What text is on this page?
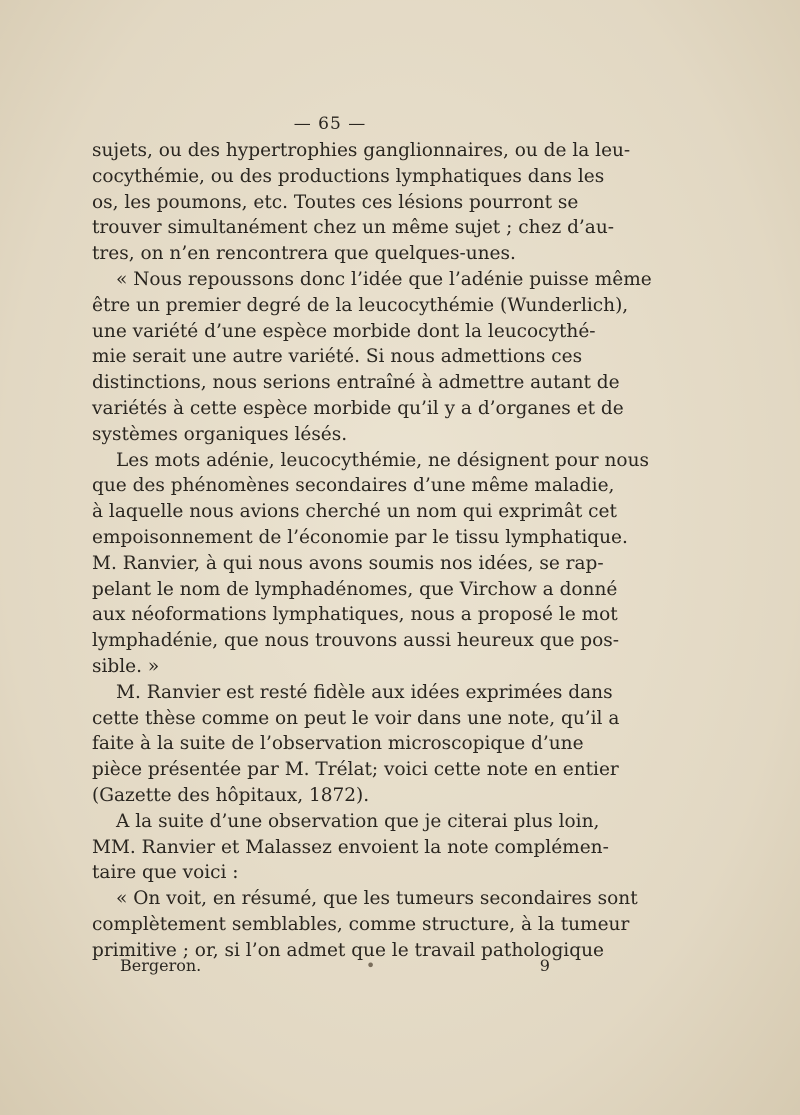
— 65 —
sujets, ou des hypertrophies ganglionnaires, ou de la leu-
cocythémie, ou des productions lymphatiques dans les
os, les poumons, etc. Toutes ces lésions pourront se
trouver simultanément chez un même sujet ; chez d’au-
tres, on n’en rencontrera que quelques-unes.
« Nous repoussons donc l’idée que l’adénie puisse même
être un premier degré de la leucocythémie (Wunderlich),
une variété d’une espèce morbide dont la leucocythé-
mie serait une autre variété. Si nous admettions ces
distinctions, nous serions entraîné à admettre autant de
variétés à cette espèce morbide qu’il y a d’organes et de
systèmes organiques lésés.
Les mots adénie, leucocythémie, ne désignent pour nous
que des phénomènes secondaires d’une même maladie,
à laquelle nous avions cherché un nom qui exprimât cet
empoisonnement de l’économie par le tissu lymphatique.
M. Ranvier, à qui nous avons soumis nos idées, se rap-
pelant le nom de lymphadénomes, que Virchow a donné
aux néoformations lymphatiques, nous a proposé le mot
lymphadénie, que nous trouvons aussi heureux que pos-
sible. »
M. Ranvier est resté fidèle aux idées exprimées dans
cette thèse comme on peut le voir dans une note, qu’il a
faite à la suite de l’observation microscopique d’une
pièce présentée par M. Trélat; voici cette note en entier
(Gazette des hôpitaux, 1872).
A la suite d’une observation que je citerai plus loin,
MM. Ranvier et Malassez envoient la note complémen-
taire que voici :
« On voit, en résumé, que les tumeurs secondaires sont
complètement semblables, comme structure, à la tumeur
primitive ; or, si l’on admet que le travail pathologique
Bergeron.	•	9
